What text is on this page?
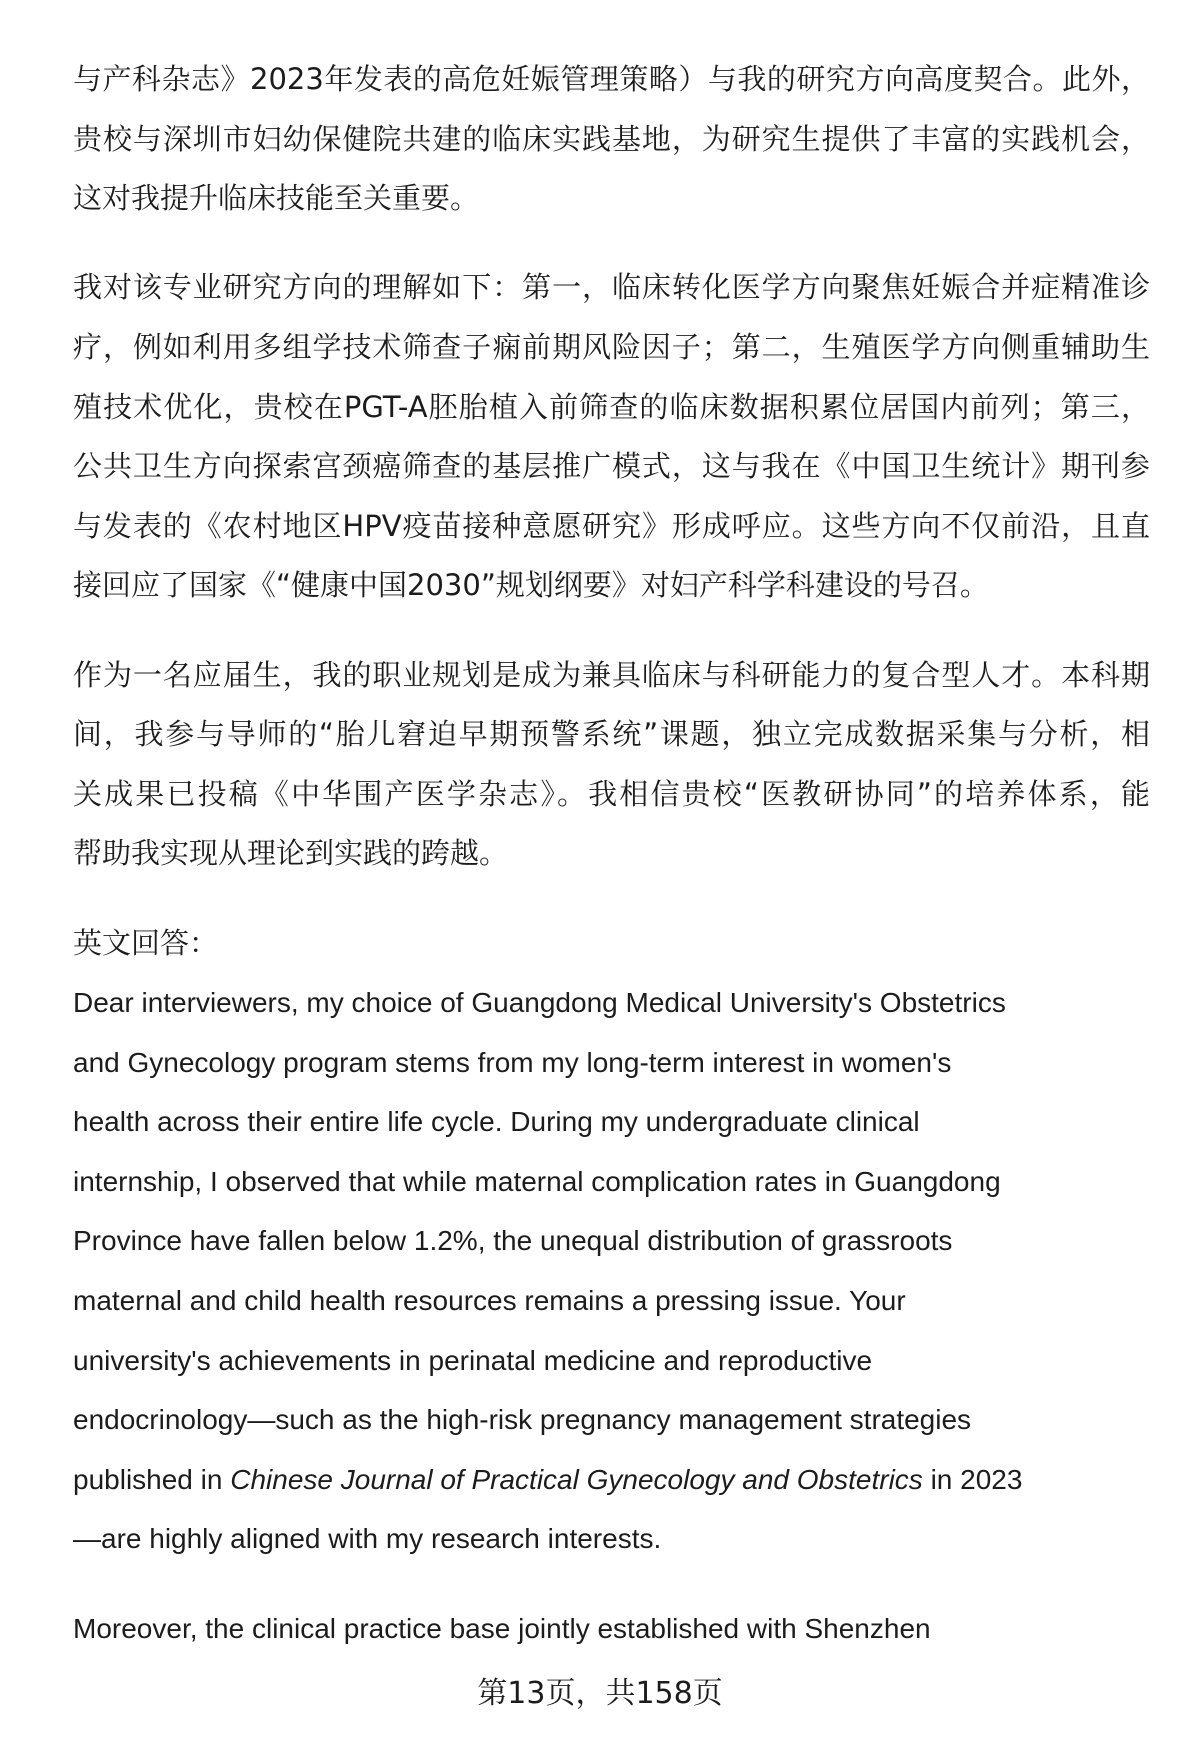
与产科杂志》2023年发表的高危妊娠管理策略）与我的研究方向高度契合。此外，
贵校与深圳市妇幼保健院共建的临床实践基地，为研究生提供了丰富的实践机会，
这对我提升临床技能至关重要。
我对该专业研究方向的理解如下：第一，临床转化医学方向聚焦妊娠合并症精准诊
疗，例如利用多组学技术筛查子痫前期风险因子；第二，生殖医学方向侧重辅助生
殖技术优化，贵校在PGT-A胚胎植入前筛查的临床数据积累位居国内前列；第三，
公共卫生方向探索宫颈癌筛查的基层推广模式，这与我在《中国卫生统计》期刊参
与发表的《农村地区HPV疫苗接种意愿研究》形成呼应。这些方向不仅前沿，且直
接回应了国家《“健康中国2030”规划纲要》对妇产科学科建设的号召。
作为一名应届生，我的职业规划是成为兼具临床与科研能力的复合型人才。本科期
间，我参与导师的“胎儿窘迫早期预警系统”课题，独立完成数据采集与分析，相
关成果已投稿《中华围产医学杂志》。我相信贵校“医教研协同”的培养体系，能
帮助我实现从理论到实践的跨越。
英文回答：
Dear interviewers, my choice of Guangdong Medical University's Obstetrics
and Gynecology program stems from my long-term interest in women's
health across their entire life cycle. During my undergraduate clinical
internship, I observed that while maternal complication rates in Guangdong
Province have fallen below 1.2%, the unequal distribution of grassroots
maternal and child health resources remains a pressing issue. Your
university's achievements in perinatal medicine and reproductive
endocrinology—such as the high-risk pregnancy management strategies
published in Chinese Journal of Practical Gynecology and Obstetrics in 2023
—are highly aligned with my research interests.
Moreover, the clinical practice base jointly established with Shenzhen
第13页，共158页
